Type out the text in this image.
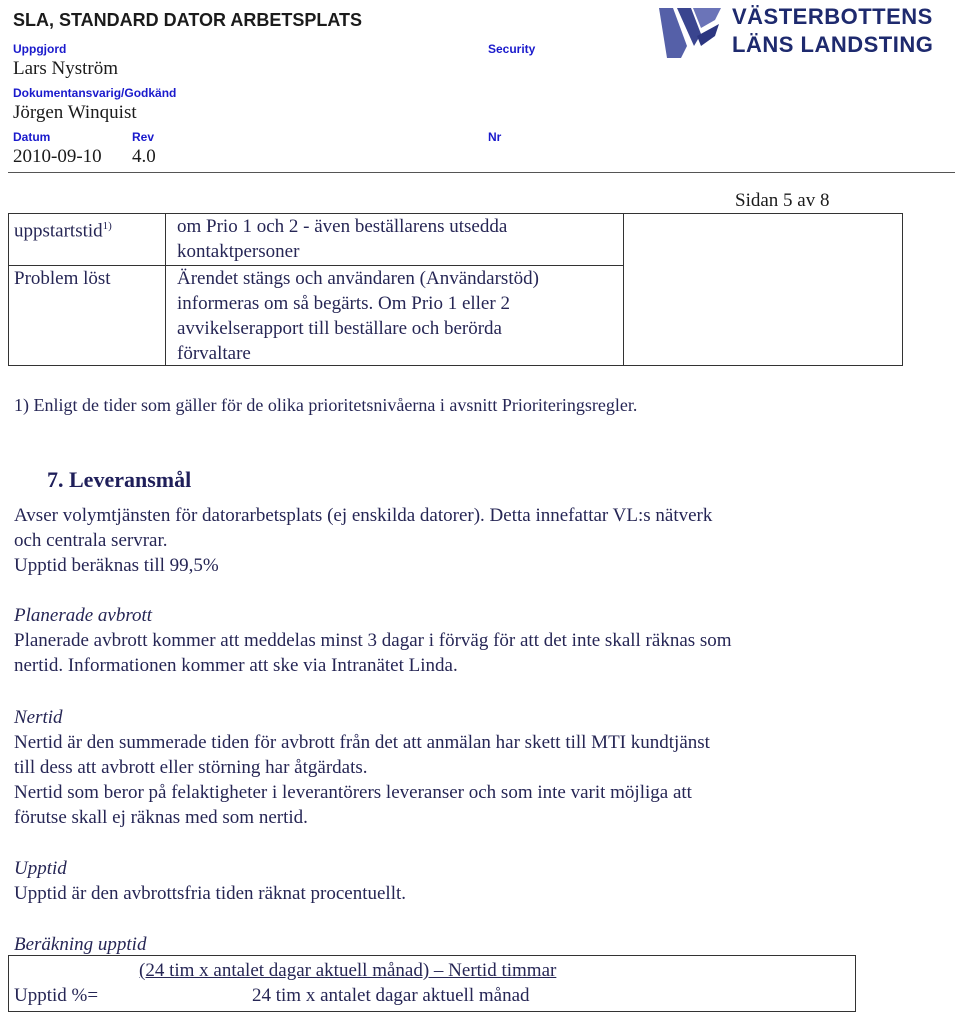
SLA, STANDARD DATOR ARBETSPLATS
Uppgjord
Lars Nyström
Security
Dokumentansvarig/Godkänd
Jörgen Winquist
Datum
2010-09-10
Rev
4.0
Nr
VÄSTERBOTTENS
LÄNS LANDSTING
Sidan 5 av 8
uppstartstid$^{1)}$	om Prio 1 och 2 - även beställarens utsedda
kontaktpersoner
Problem löst	Ärendet stängs och användaren (Användarstöd)
informeras om så begärts. Om Prio 1 eller 2
avvikelserapport till beställare och berörda
förvaltare
1) Enligt de tider som gäller för de olika prioritetsnivåerna i avsnitt Prioriteringsregler.
7. Leveransmål
Avser volymtjänsten för datorarbetsplats (ej enskilda datorer). Detta innefattar VL:s nätverk
och centrala servrar.
Upptid beräknas till 99,5%
Planerade avbrott
Planerade avbrott kommer att meddelas minst 3 dagar i förväg för att det inte skall räknas som
nertid. Informationen kommer att ske via Intranätet Linda.
Nertid
Nertid är den summerade tiden för avbrott från det att anmälan har skett till MTI kundtjänst
till dess att avbrott eller störning har åtgärdats.
Nertid som beror på felaktigheter i leverantörers leveranser och som inte varit möjliga att
förutse skall ej räknas med som nertid.
Upptid
Upptid är den avbrottsfria tiden räknat procentuellt.
Beräkning upptid
(24 tim x antalet dagar aktuell månad) – Nertid timmar
Upptid %=	24 tim x antalet dagar aktuell månad
